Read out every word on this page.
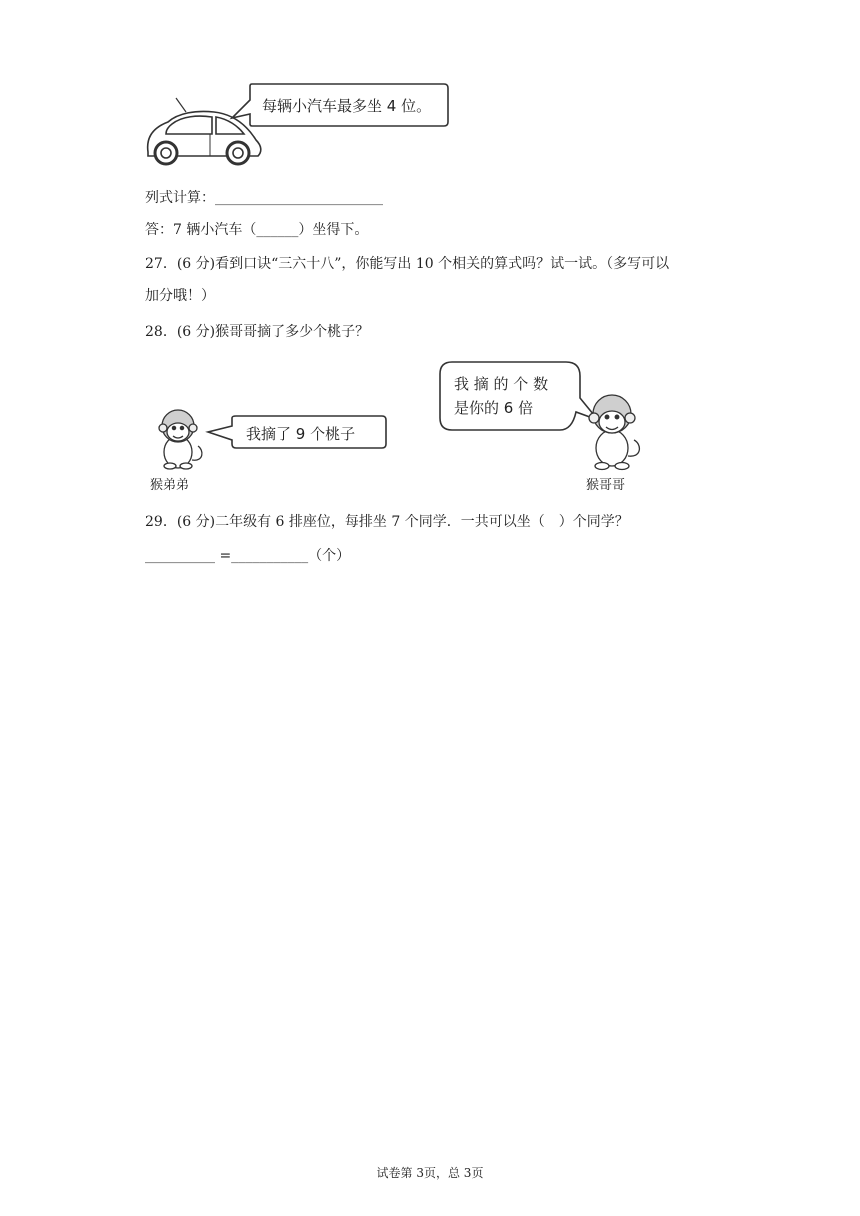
每辆小汽车最多坐 4 位。
列式计算：________________________
答：7 辆小汽车（______）坐得下。
27．(6 分)看到口诀“三六十八”，你能写出 10 个相关的算式吗？试一试。（多写可以
加分哦！）
28．(6 分)猴哥哥摘了多少个桃子？
我摘了 9 个桃子
我 摘 的 个 数
是你的 6 倍
猴弟弟	猴哥哥
29．(6 分)二年级有 6 排座位，每排坐 7 个同学．一共可以坐（　）个同学？
__________ =___________（个）
试卷第 3页，总 3页
